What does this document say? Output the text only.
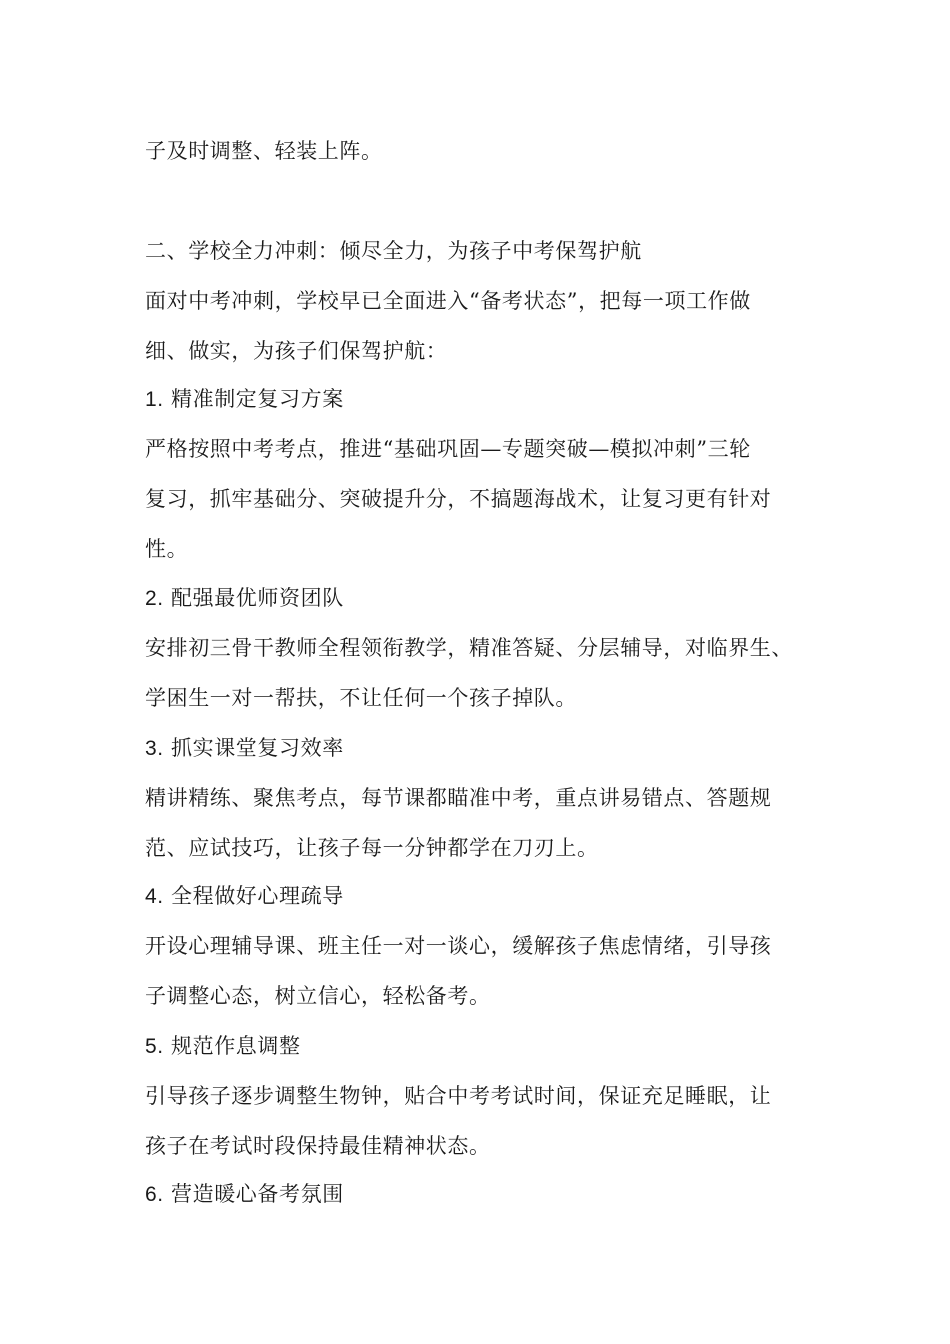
子及时调整、轻装上阵。
二、学校全力冲刺：倾尽全力，为孩子中考保驾护航
面对中考冲刺，学校早已全面进入“备考状态”，把每一项工作做
细、做实，为孩子们保驾护航：
1. 精准制定复习方案
严格按照中考考点，推进“基础巩固—专题突破—模拟冲刺”三轮
复习，抓牢基础分、突破提升分，不搞题海战术，让复习更有针对
性。
2. 配强最优师资团队
安排初三骨干教师全程领衔教学，精准答疑、分层辅导，对临界生、
学困生一对一帮扶，不让任何一个孩子掉队。
3. 抓实课堂复习效率
精讲精练、聚焦考点，每节课都瞄准中考，重点讲易错点、答题规
范、应试技巧，让孩子每一分钟都学在刀刃上。
4. 全程做好心理疏导
开设心理辅导课、班主任一对一谈心，缓解孩子焦虑情绪，引导孩
子调整心态，树立信心，轻松备考。
5. 规范作息调整
引导孩子逐步调整生物钟，贴合中考考试时间，保证充足睡眠，让
孩子在考试时段保持最佳精神状态。
6. 营造暖心备考氛围
